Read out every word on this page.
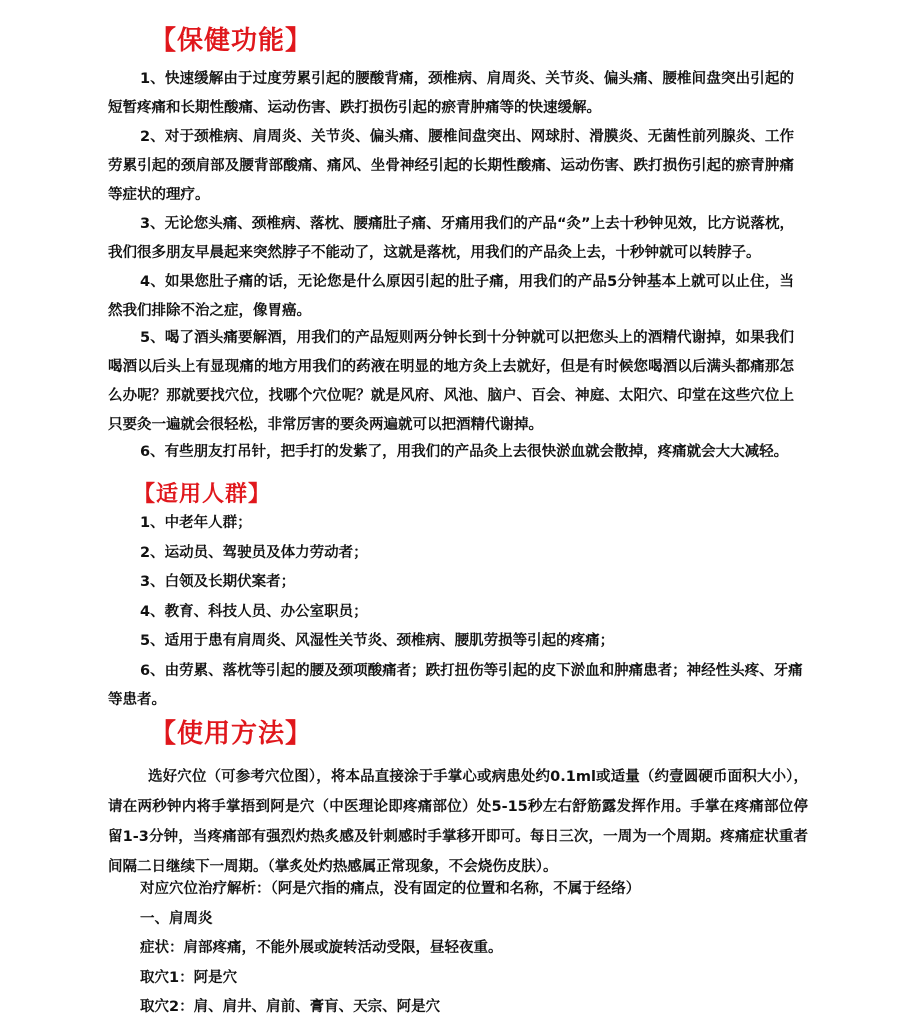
【保健功能】

1、快速缓解由于过度劳累引起的腰酸背痛，颈椎病、肩周炎、关节炎、偏头痛、腰椎间盘突出引起的短暂疼痛和长期性酸痛、运动伤害、跌打损伤引起的瘀青肿痛等的快速缓解。

2、对于颈椎病、肩周炎、关节炎、偏头痛、腰椎间盘突出、网球肘、滑膜炎、无菌性前列腺炎、工作劳累引起的颈肩部及腰背部酸痛、痛风、坐骨神经引起的长期性酸痛、运动伤害、跌打损伤引起的瘀青肿痛等症状的理疗。

3、无论您头痛、颈椎病、落枕、腰痛肚子痛、牙痛用我们的产品“灸”上去十秒钟见效，比方说落枕，我们很多朋友早晨起来突然脖子不能动了，这就是落枕，用我们的产品灸上去，十秒钟就可以转脖子。

4、如果您肚子痛的话，无论您是什么原因引起的肚子痛，用我们的产品5分钟基本上就可以止住，当然我们排除不治之症，像胃癌。

5、喝了酒头痛要解酒，用我们的产品短则两分钟长到十分钟就可以把您头上的酒精代谢掉，如果我们喝酒以后头上有显现痛的地方用我们的药液在明显的地方灸上去就好，但是有时候您喝酒以后满头都痛那怎么办呢？那就要找穴位，找哪个穴位呢？就是风府、风池、脑户、百会、神庭、太阳穴、印堂在这些穴位上只要灸一遍就会很轻松，非常厉害的要灸两遍就可以把酒精代谢掉。

6、有些朋友打吊针，把手打的发紫了，用我们的产品灸上去很快淤血就会散掉，疼痛就会大大减轻。

【适用人群】
1、中老年人群；
2、运动员、驾驶员及体力劳动者；
3、白领及长期伏案者；
4、教育、科技人员、办公室职员；
5、适用于患有肩周炎、风湿性关节炎、颈椎病、腰肌劳损等引起的疼痛；
6、由劳累、落枕等引起的腰及颈项酸痛者；跌打扭伤等引起的皮下淤血和肿痛患者；神经性头疼、牙痛等患者。
【使用方法】

选好穴位（可参考穴位图），将本品直接涂于手掌心或病患处约0.1ml或适量（约壹圆硬币面积大小），请在两秒钟内将手掌捂到阿是穴（中医理论即疼痛部位）处5-15秒左右舒筋露发挥作用。手掌在疼痛部位停留1-3分钟，当疼痛部有强烈灼热炙感及针刺感时手掌移开即可。每日三次，一周为一个周期。疼痛症状重者间隔二日继续下一周期。（掌炙处灼热感属正常现象，不会烧伤皮肤）。

对应穴位治疗解析：（阿是穴指的痛点，没有固定的位置和名称，不属于经络）
一、肩周炎
症状：肩部疼痛，不能外展或旋转活动受限，昼轻夜重。
取穴1：阿是穴
取穴2：肩、肩井、肩前、膏肓、天宗、阿是穴
